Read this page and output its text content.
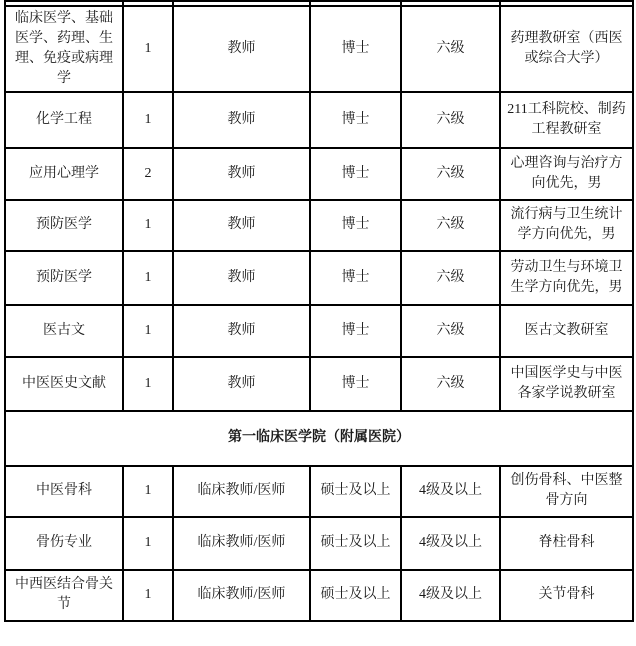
临床医学、基础医学、药理、生理、免疫或病理学	1	教师	博士	六级	药理教研室（西医或综合大学）
化学工程	1	教师	博士	六级	211工科院校、制药工程教研室
应用心理学	2	教师	博士	六级	心理咨询与治疗方向优先，男
预防医学	1	教师	博士	六级	流行病与卫生统计学方向优先，男
预防医学	1	教师	博士	六级	劳动卫生与环境卫生学方向优先，男
医古文	1	教师	博士	六级	医古文教研室
中医医史文献	1	教师	博士	六级	中国医学史与中医各家学说教研室
第一临床医学院（附属医院）					
中医骨科	1	临床教师/医师	硕士及以上	4级及以上	创伤骨科、中医整骨方向
骨伤专业	1	临床教师/医师	硕士及以上	4级及以上	脊柱骨科
中西医结合骨关节	1	临床教师/医师	硕士及以上	4级及以上	关节骨科
